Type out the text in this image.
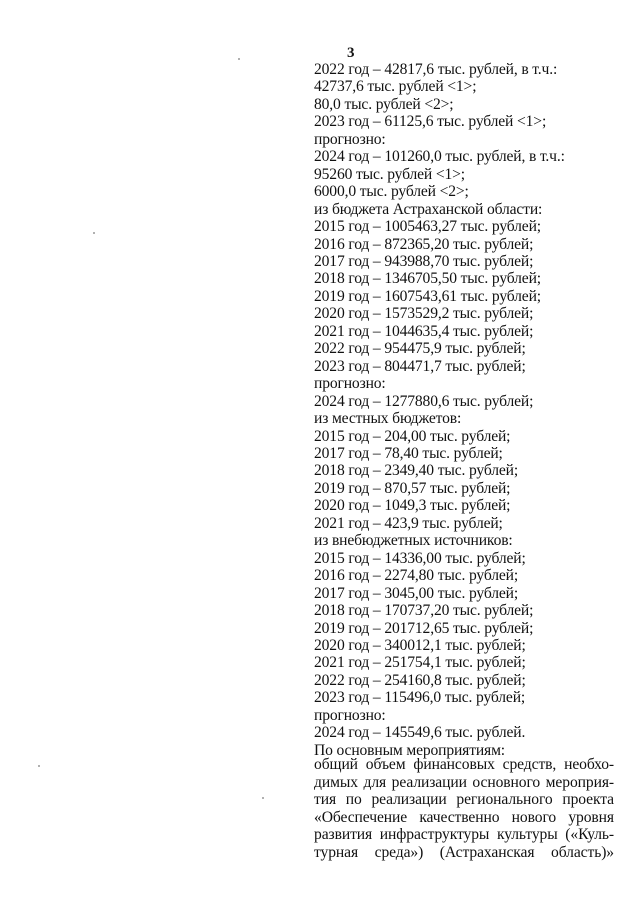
3
2022 год – 42817,6 тыс. рублей, в т.ч.:
42737,6 тыс. рублей <1>;
80,0 тыс. рублей <2>;
2023 год – 61125,6 тыс. рублей <1>;
прогнозно:
2024 год – 101260,0 тыс. рублей, в т.ч.:
95260 тыс. рублей <1>;
6000,0 тыс. рублей <2>;
из бюджета Астраханской области:
2015 год – 1005463,27 тыс. рублей;
2016 год – 872365,20 тыс. рублей;
2017 год – 943988,70 тыс. рублей;
2018 год – 1346705,50 тыс. рублей;
2019 год – 1607543,61 тыс. рублей;
2020 год – 1573529,2 тыс. рублей;
2021 год – 1044635,4 тыс. рублей;
2022 год – 954475,9 тыс. рублей;
2023 год – 804471,7 тыс. рублей;
прогнозно:
2024 год – 1277880,6 тыс. рублей;
из местных бюджетов:
2015 год – 204,00 тыс. рублей;
2017 год – 78,40 тыс. рублей;
2018 год – 2349,40 тыс. рублей;
2019 год – 870,57 тыс. рублей;
2020 год – 1049,3 тыс. рублей;
2021 год – 423,9 тыс. рублей;
из внебюджетных источников:
2015 год – 14336,00 тыс. рублей;
2016 год – 2274,80 тыс. рублей;
2017 год – 3045,00 тыс. рублей;
2018 год – 170737,20 тыс. рублей;
2019 год – 201712,65 тыс. рублей;
2020 год – 340012,1 тыс. рублей;
2021 год – 251754,1 тыс. рублей;
2022 год – 254160,8 тыс. рублей;
2023 год – 115496,0 тыс. рублей;
прогнозно:
2024 год – 145549,6 тыс. рублей.
По основным мероприятиям:
общий объем финансовых средств, необхо-
димых для реализации основного мероприя-
тия по реализации регионального проекта
«Обеспечение качественно нового уровня
развития инфраструктуры культуры («Куль-
турная среда») (Астраханская область)»
